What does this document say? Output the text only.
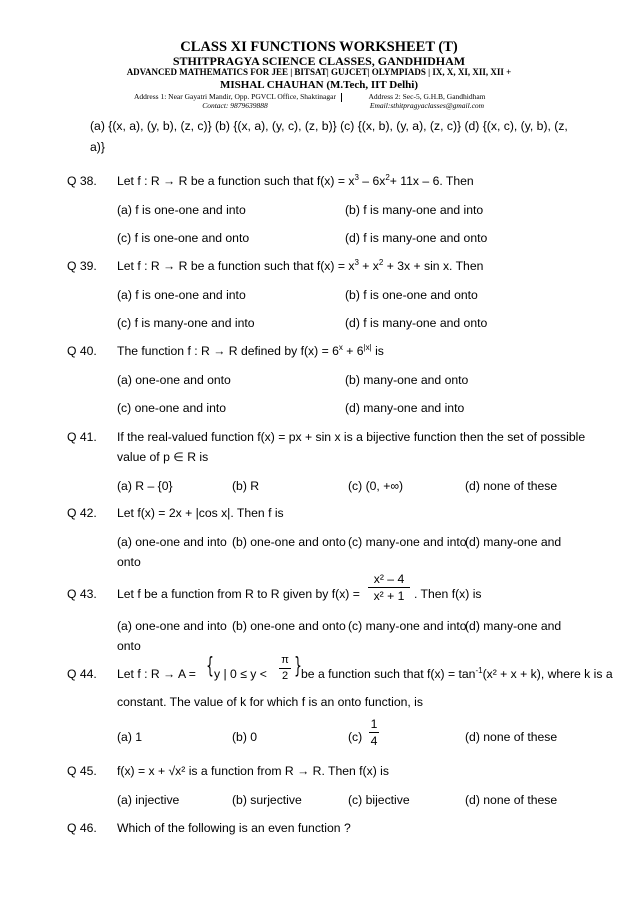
CLASS XI FUNCTIONS WORKSHEET (T)
STHITPRAGYA SCIENCE CLASSES, GANDHIDHAM
ADVANCED MATHEMATICS FOR JEE | BITSAT| GUJCET| OLYMPIADS | IX, X, XI, XII, XII +
MISHAL CHAUHAN (M.Tech, IIT Delhi)
Address 1: Near Gayatri Mandir, Opp. PGVCL Office, Shaktinagar
Contact: 9879639888
Address 2: Sec-5, G.H.B, Gandhidham
Email:sthitpragyaclasses@gmail.com
(a) {(x, a), (y, b), (z, c)} (b) {(x, a), (y, c), (z, b)} (c) {(x, b), (y, a), (z, c)} (d) {(x, c), (y, b), (z,
a)}
Q 38. Let f : R → R be a function such that $f(x) = x^3 - 6x^2+ 11x - 6$. Then
(a) f is one-one and into	(b) f is many-one and into
(c) f is one-one and onto	(d) f is many-one and onto
Q 39. Let f : R → R be a function such that $f(x) = x^3 + x^2 + 3x + \sin x$. Then
(a) f is one-one and into	(b) f is one-one and onto
(c) f is many-one and into	(d) f is many-one and onto
Q 40. The function f : R → R defined by $f(x) = 6^x + 6^{|x|}$ is
(a) one-one and onto	(b) many-one and onto
(c) one-one and into	(d) many-one and into
Q 41. If the real-valued function f(x) = px + sin x is a bijective function then the set of possible
value of p ∈ R is
(a) R – {0}	(b) R	(c) (0, +∞)	(d) none of these
Q 42. Let f(x) = 2x + |cos x|. Then f is
(a) one-one and into (b) one-one and onto (c) many-one and into
(d) many-one and
onto
Q 43. Let f be a function from R to R given by f(x) =
x² – 4
x² + 1 . Then f(x) is
(a) one-one and into (b) one-one and onto (c) many-one and into
(d) many-one and
onto
Q 44. Let f : R → A = { y | 0 ≤ y <
π
2 } be a function such that $f(x) = \tan^{-1}(x^2 + x + k)$, where k is a
constant. The value of k for which f is an onto function, is
(a) 1	(b) 0	(c)
1
4	(d) none of these
Q 45. f(x) = x + √x² is a function from R → R. Then f(x) is
(a) injective	(b) surjective	(c) bijective	(d) none of these
Q 46. Which of the following is an even function ?
